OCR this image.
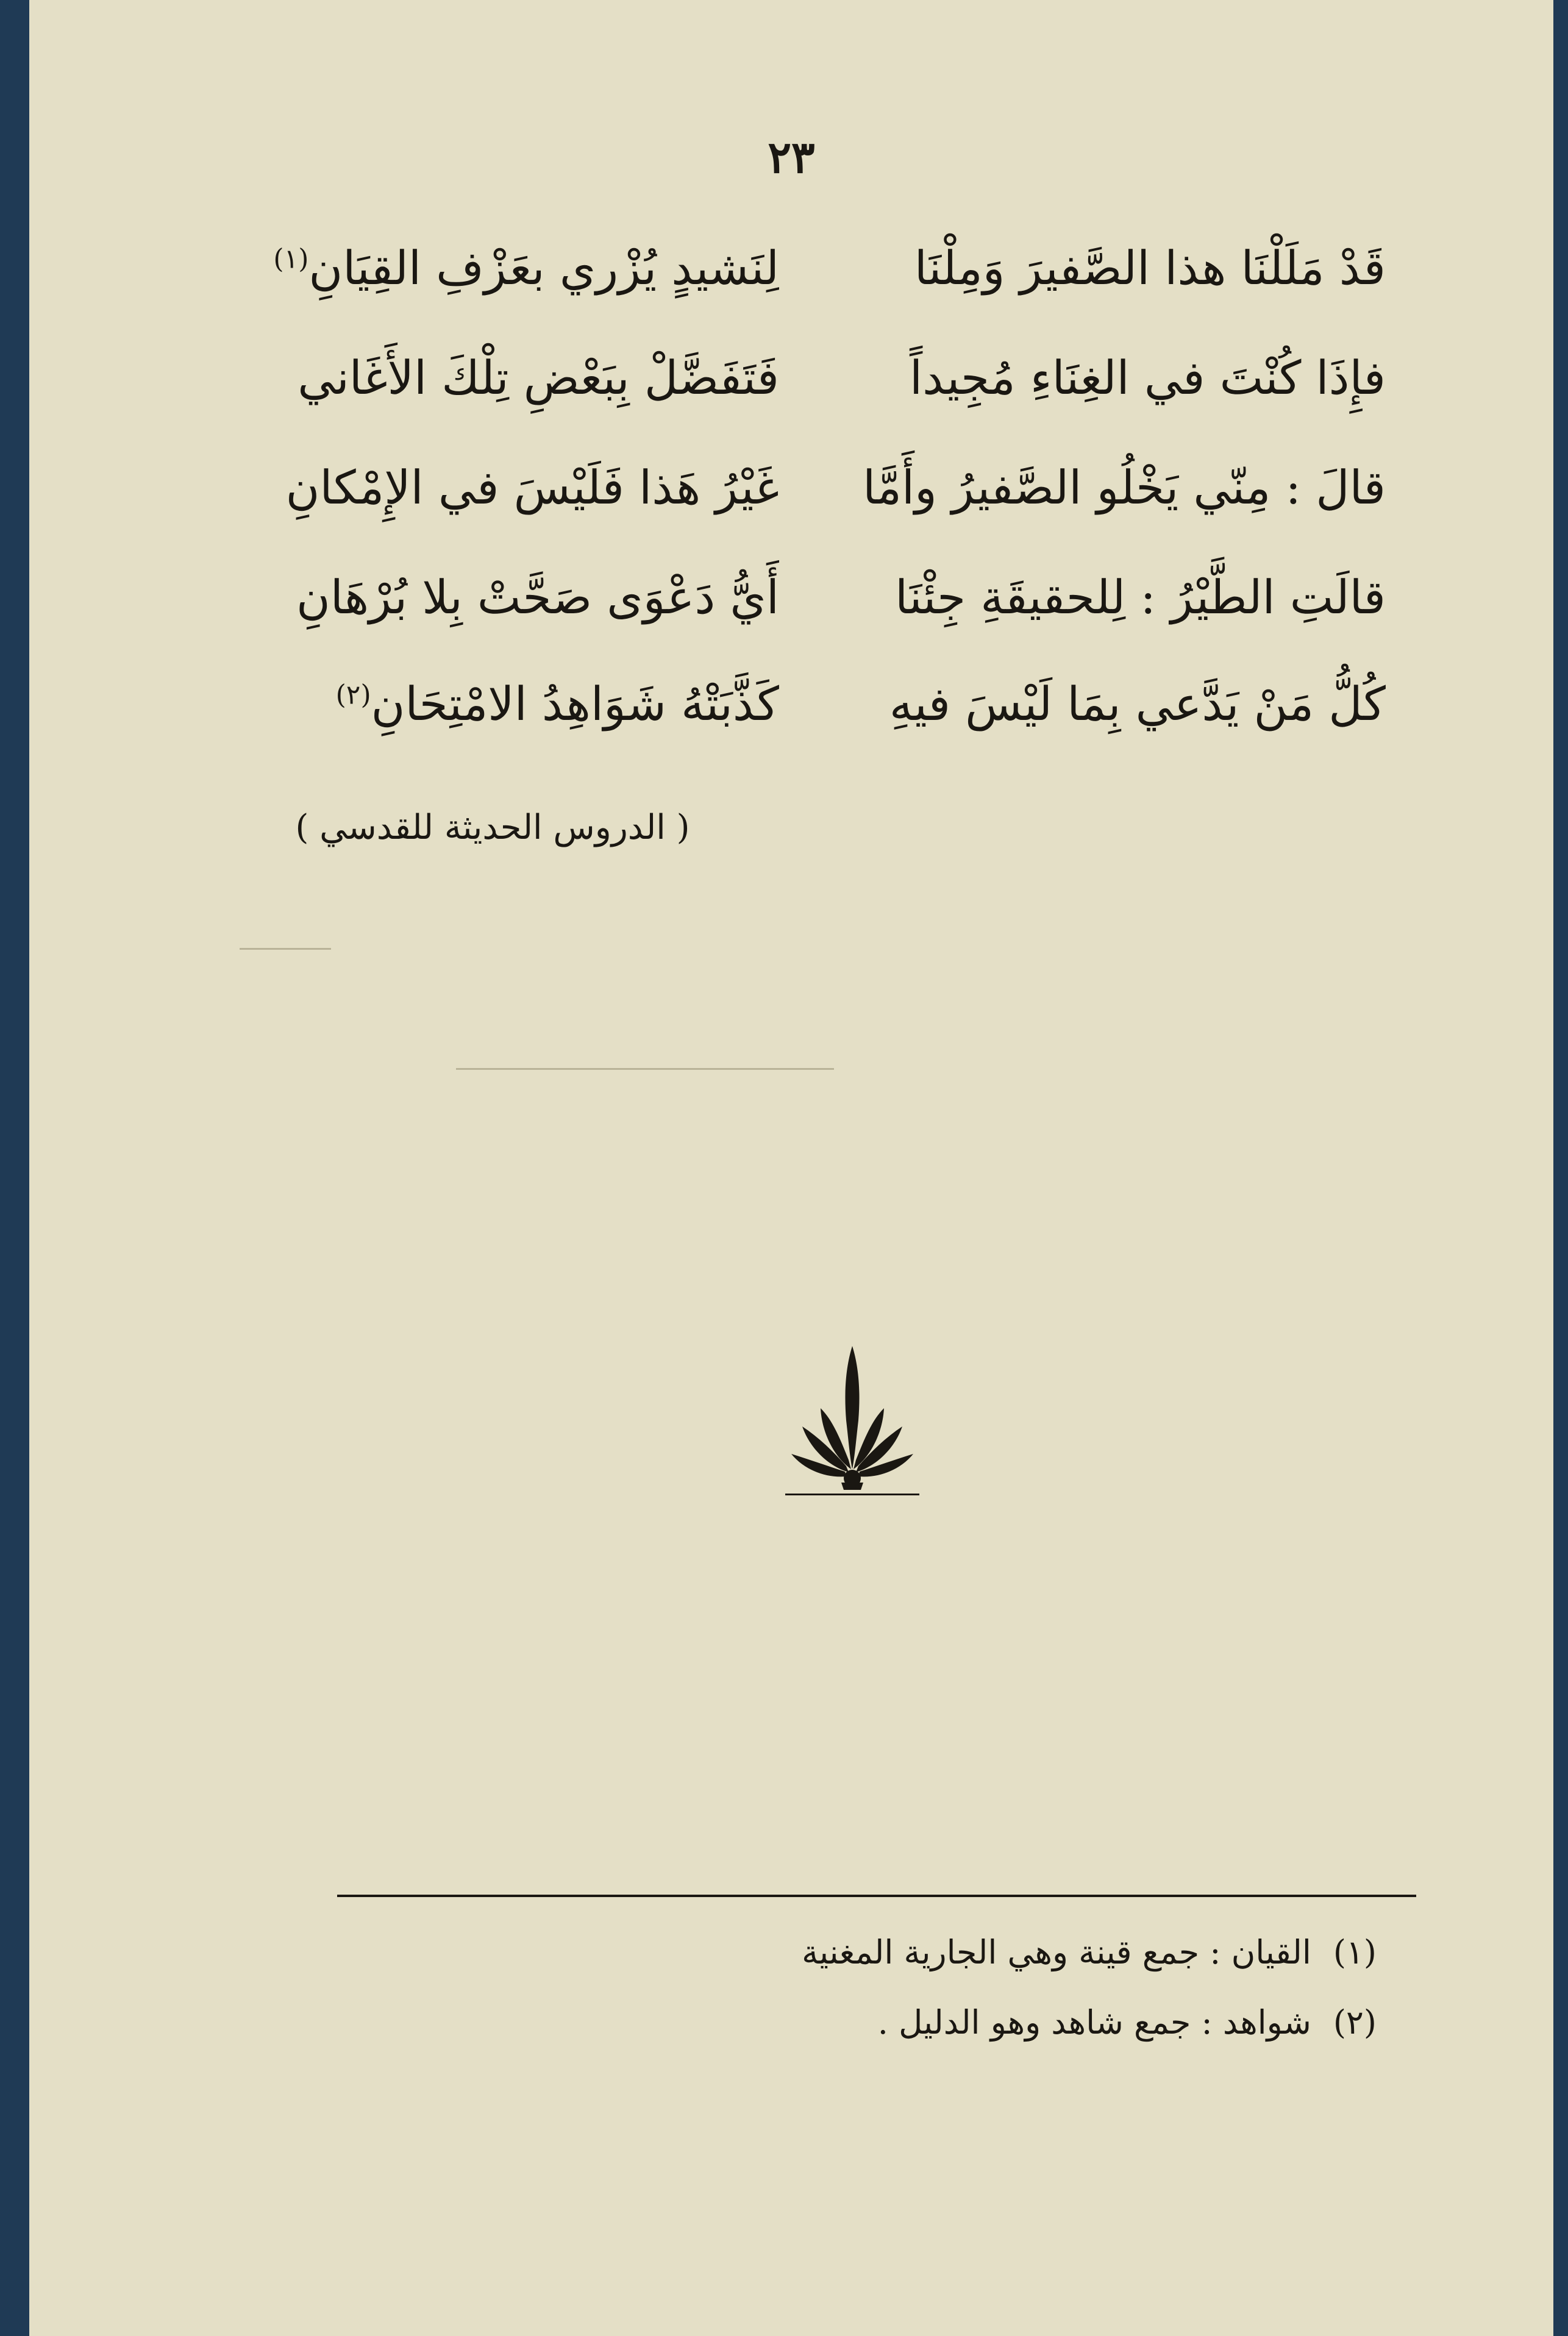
٢٣
قَدْ مَلَلْنَا هذا الصَّفيرَ وَمِلْنَا
لِنَشيدٍ يُزْري بعَزْفِ القِيَانِ$^{(١)}$
فإِذَا كُنْتَ في الغِنَاءِ مُجِيداً
فَتَفَضَّلْ بِبَعْضِ تِلْكَ الأَغَاني
قالَ : مِنّي يَخْلُو الصَّفيرُ وأَمَّا
غَيْرُ هَذا فَلَيْسَ في الإِمْكانِ
قالَتِ الطَّيْرُ : لِلحقيقَةِ جِئْنَا
أَيُّ دَعْوَى صَحَّتْ بِلا بُرْهَانِ
كُلُّ مَنْ يَدَّعي بِمَا لَيْسَ فيهِ
كَذَّبَتْهُ شَوَاهِدُ الامْتِحَانِ$^{(٢)}$
( الدروس الحديثة للقدسي )
(١)القيان : جمع قينة وهي الجارية المغنية
(٢)شواهد : جمع شاهد وهو الدليل .
